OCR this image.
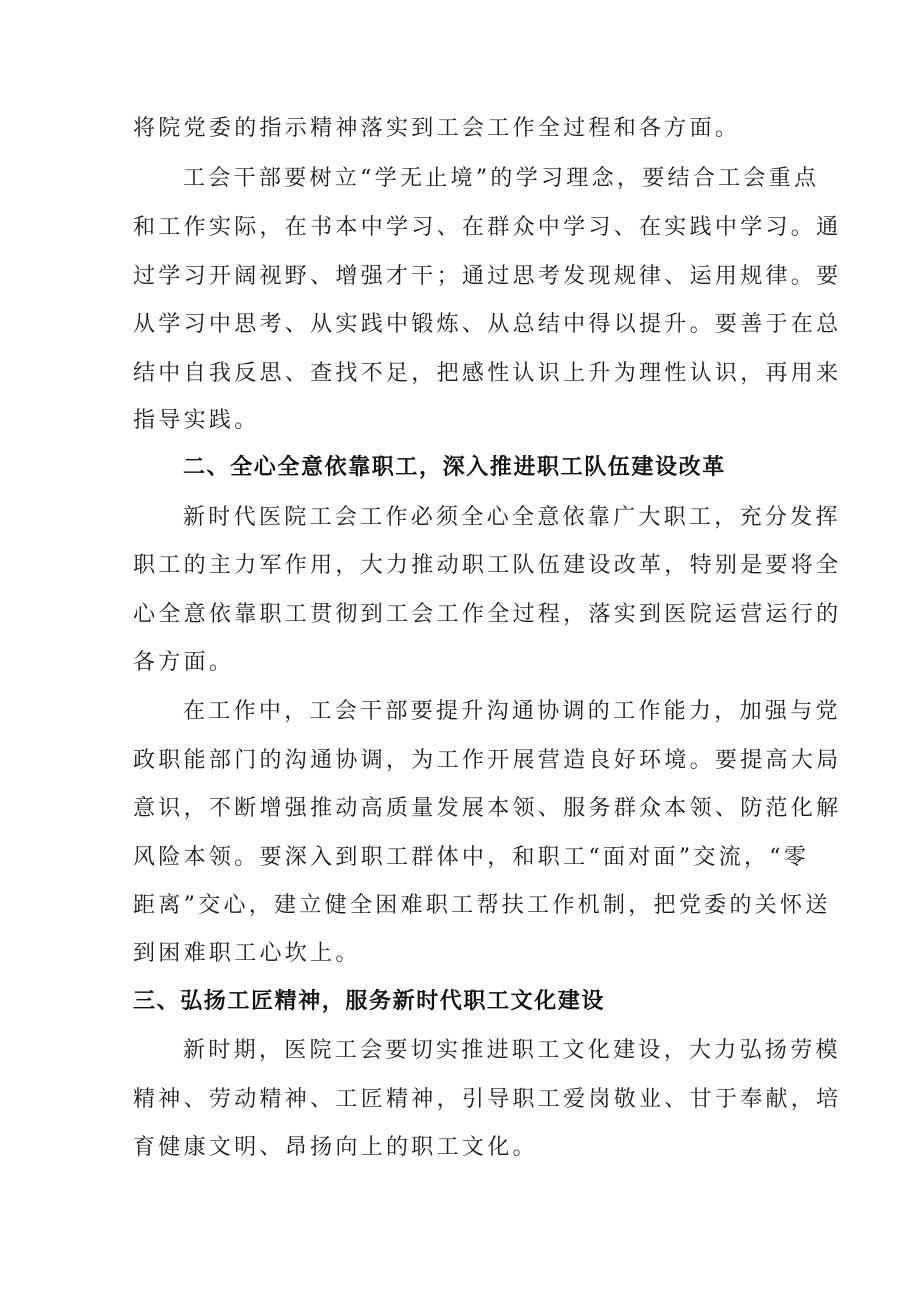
将院党委的指示精神落实到工会工作全过程和各方面。

工会干部要树立“学无止境”的学习理念，要结合工会重点

和工作实际，在书本中学习、在群众中学习、在实践中学习。通

过学习开阔视野、增强才干；通过思考发现规律、运用规律。要

从学习中思考、从实践中锻炼、从总结中得以提升。要善于在总

结中自我反思、查找不足，把感性认识上升为理性认识，再用来

指导实践。

二、全心全意依靠职工，深入推进职工队伍建设改革

新时代医院工会工作必须全心全意依靠广大职工，充分发挥

职工的主力军作用，大力推动职工队伍建设改革，特别是要将全

心全意依靠职工贯彻到工会工作全过程，落实到医院运营运行的

各方面。

在工作中，工会干部要提升沟通协调的工作能力，加强与党

政职能部门的沟通协调，为工作开展营造良好环境。要提高大局

意识，不断增强推动高质量发展本领、服务群众本领、防范化解

风险本领。要深入到职工群体中，和职工“面对面”交流，“零

距离”交心，建立健全困难职工帮扶工作机制，把党委的关怀送

到困难职工心坎上。

三、弘扬工匠精神，服务新时代职工文化建设

新时期，医院工会要切实推进职工文化建设，大力弘扬劳模

精神、劳动精神、工匠精神，引导职工爱岗敬业、甘于奉献，培

育健康文明、昂扬向上的职工文化。
